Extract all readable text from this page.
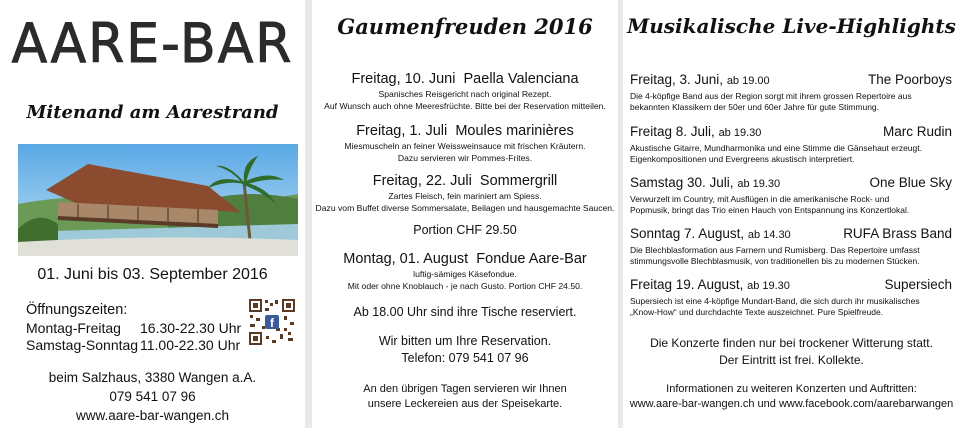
AARE-BAR
Mitenand am Aarestrand
01. Juni bis 03. September 2016
Öffnungszeiten:
Montag-Freitag 16.30-22.30 Uhr
Samstag-Sonntag 11.00-22.30 Uhr
f
beim Salzhaus, 3380 Wangen a.A.
079 541 07 96
www.aare-bar-wangen.ch
Gaumenfreuden 2016
Freitag, 10. Juni Paella Valenciana
Spanisches Reisgericht nach original Rezept.
Auf Wunsch auch ohne Meeresfrüchte. Bitte bei der Reservation mitteilen.
Freitag, 1. Juli Moules marinières
Miesmuscheln an feiner Weissweinsauce mit frischen Kräutern.
Dazu servieren wir Pommes-Frites.
Freitag, 22. Juli Sommergrill
Zartes Fleisch, fein mariniert am Spiess.
Dazu vom Buffet diverse Sommersalate, Beilagen und hausgemachte Saucen.
Portion CHF 29.50
Montag, 01. August Fondue Aare-Bar
luftig-sämiges Käsefondue.
Mit oder ohne Knoblauch - je nach Gusto. Portion CHF 24.50.
Ab 18.00 Uhr sind ihre Tische reserviert.
Wir bitten um Ihre Reservation.
Telefon: 079 541 07 96
An den übrigen Tagen servieren wir Ihnen
unsere Leckereien aus der Speisekarte.
Musikalische Live-Highlights
Freitag, 3. Juni, ab 19.00	The Poorboys
Die 4-köpfige Band aus der Region sorgt mit ihrem grossen Repertoire aus
bekannten Klassikern der 50er und 60er Jahre für gute Stimmung.
Freitag 8. Juli, ab 19.30	Marc Rudin
Akustische Gitarre, Mundharmonika und eine Stimme die Gänsehaut erzeugt.
Eigenkompositionen und Evergreens akustisch interpretiert.
Samstag 30. Juli, ab 19.30	One Blue Sky
Verwurzelt im Country, mit Ausflügen in die amerikanische Rock- und
Popmusik, bringt das Trio einen Hauch von Entspannung ins Konzertlokal.
Sonntag 7. August, ab 14.30	RUFA Brass Band
Die Blechblasformation aus Farnern und Rumisberg. Das Repertoire umfasst
stimmungsvolle Blechblasmusik, von traditionellen bis zu modernen Stücken.
Freitag 19. August, ab 19.30	Supersiech
Supersiech ist eine 4-köpfige Mundart-Band, die sich durch ihr musikalisches
„Know-How“ und durchdachte Texte auszeichnet. Pure Spielfreude.
Die Konzerte finden nur bei trockener Witterung statt.
Der Eintritt ist frei. Kollekte.
Informationen zu weiteren Konzerten und Auftritten:
www.aare-bar-wangen.ch und www.facebook.com/aarebarwangen
